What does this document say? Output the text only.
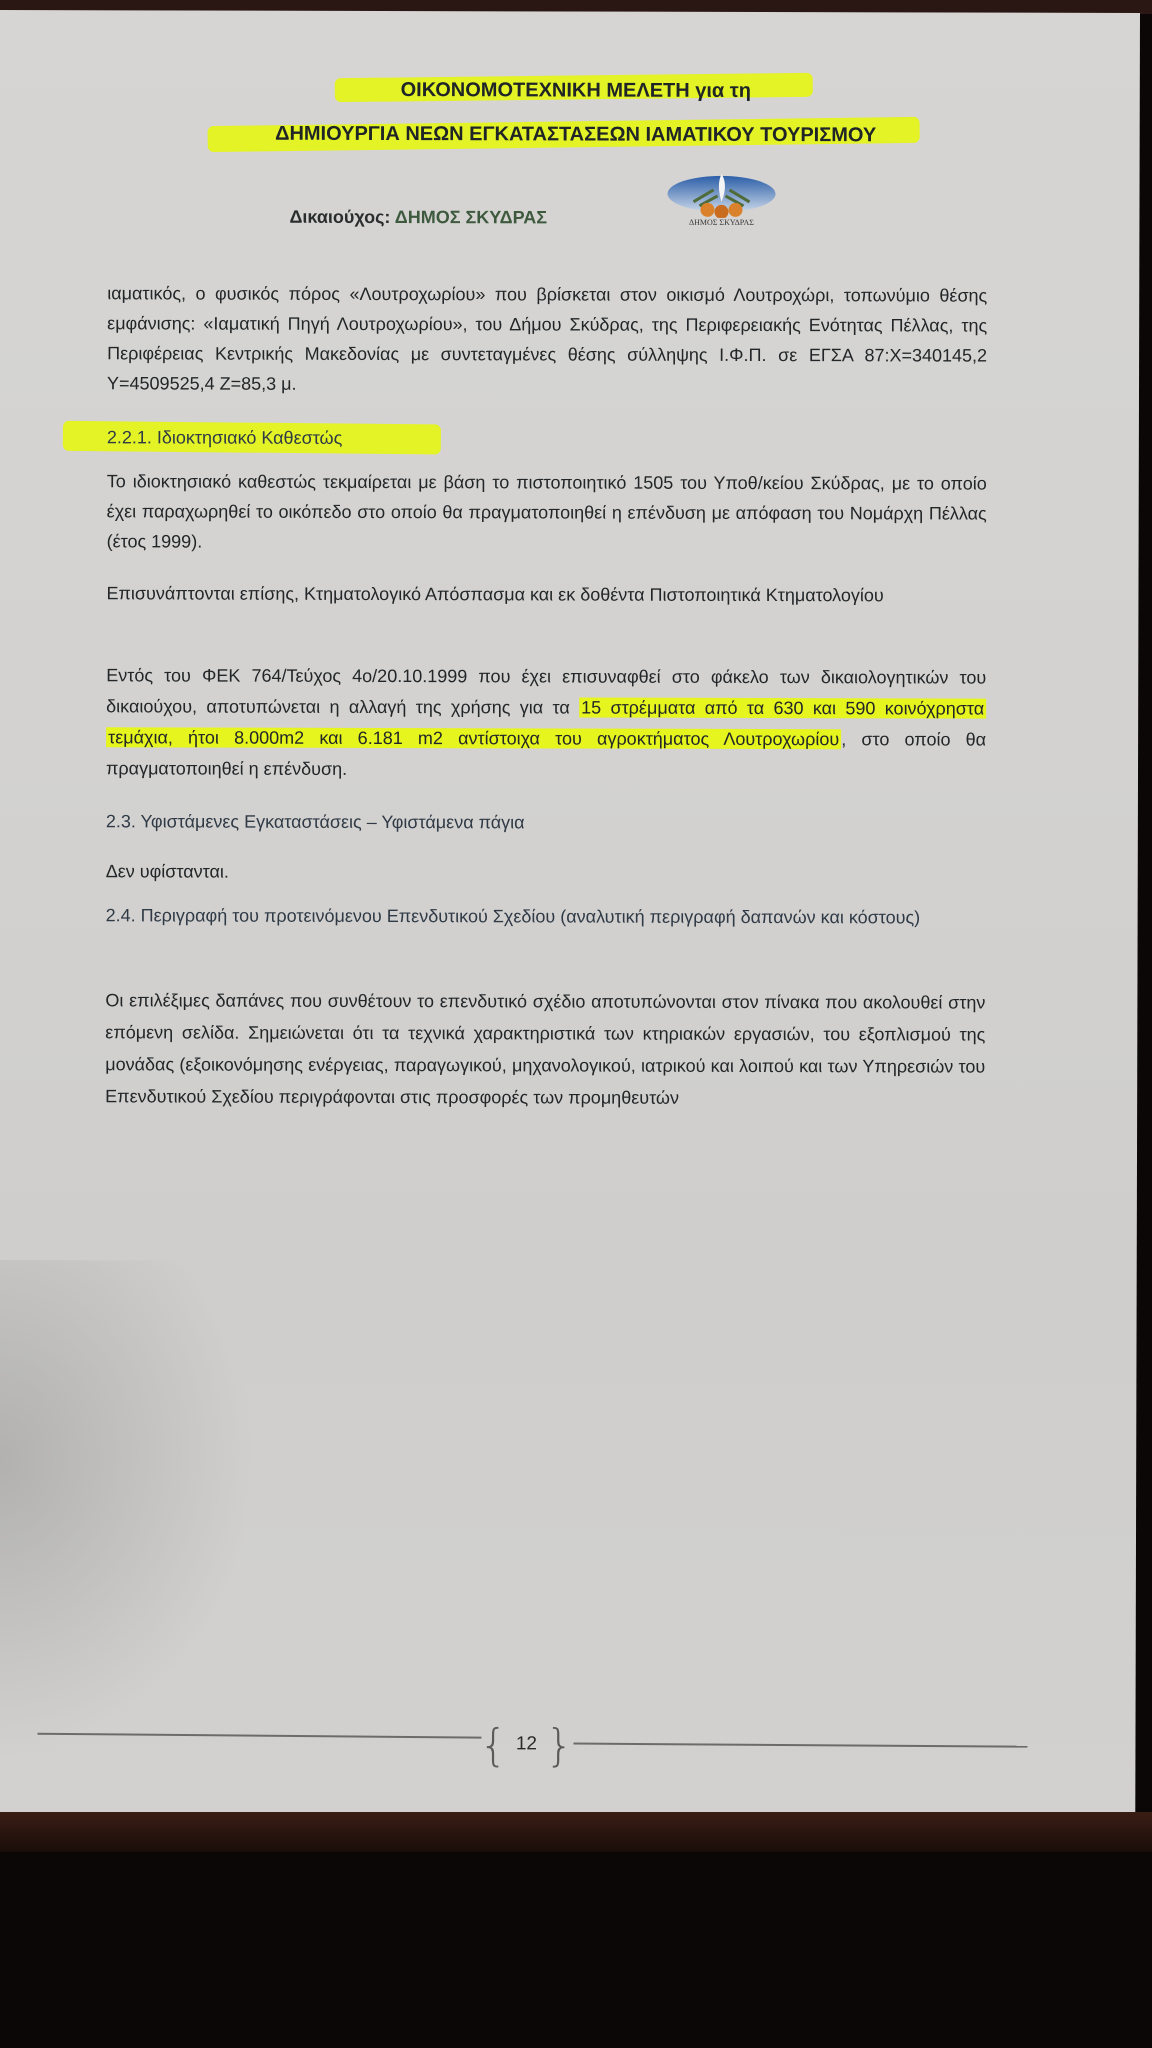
ΟΙΚΟΝΟΜΟΤΕΧΝΙΚΗ ΜΕΛΕΤΗ για τη
ΔΗΜΙΟΥΡΓΙΑ ΝΕΩΝ ΕΓΚΑΤΑΣΤΑΣΕΩΝ ΙΑΜΑΤΙΚΟΥ ΤΟΥΡΙΣΜΟΥ
Δικαιούχος: ΔΗΜΟΣ ΣΚΥΔΡΑΣ	ΔΗΜΟΣ ΣΚΥΔΡΑΣ
ιαματικός, ο φυσικός πόρος «Λουτροχωρίου» που βρίσκεται στον οικισμό Λουτροχώρι, τοπωνύμιο θέσης εμφάνισης: «Ιαματική Πηγή Λουτροχωρίου», του Δήμου Σκύδρας, της Περιφερειακής Ενότητας Πέλλας, της Περιφέρειας Κεντρικής Μακεδονίας με συντεταγμένες θέσης σύλληψης Ι.Φ.Π. σε ΕΓΣΑ 87:Χ=340145,2 Υ=4509525,4 Ζ=85,3 μ.
2.2.1. Ιδιοκτησιακό Καθεστώς
Το ιδιοκτησιακό καθεστώς τεκμαίρεται με βάση το πιστοποιητικό 1505 του Υποθ/κείου Σκύδρας, με το οποίο έχει παραχωρηθεί το οικόπεδο στο οποίο θα πραγματοποιηθεί η επένδυση με απόφαση του Νομάρχη Πέλλας (έτος 1999).
Επισυνάπτονται επίσης, Κτηματολογικό Απόσπασμα και εκ δοθέντα Πιστοποιητικά Κτηματολογίου
Εντός του ΦΕΚ 764/Τεύχος 4ο/20.10.1999 που έχει επισυναφθεί στο φάκελο των δικαιολογητικών του δικαιούχου, αποτυπώνεται η αλλαγή της χρήσης για τα 15 στρέμματα από τα 630 και 590 κοινόχρηστα τεμάχια, ήτοι 8.000m2 και 6.181 m2 αντίστοιχα του αγροκτήματος Λουτροχωρίου , στο οποίο θα πραγματοποιηθεί η επένδυση.
2.3. Υφιστάμενες Εγκαταστάσεις – Υφιστάμενα πάγια
Δεν υφίστανται.
2.4. Περιγραφή του προτεινόμενου Επενδυτικού Σχεδίου (αναλυτική περιγραφή δαπανών και κόστους)
Οι επιλέξιμες δαπάνες που συνθέτουν το επενδυτικό σχέδιο αποτυπώνονται στον πίνακα που ακολουθεί στην επόμενη σελίδα. Σημειώνεται ότι τα τεχνικά χαρακτηριστικά των κτηριακών εργασιών, του εξοπλισμού της μονάδας (εξοικονόμησης ενέργειας, παραγωγικού, μηχανολογικού, ιατρικού και λοιπού και των Υπηρεσιών του Επενδυτικού Σχεδίου περιγράφονται στις προσφορές των προμηθευτών
{ 12 }
